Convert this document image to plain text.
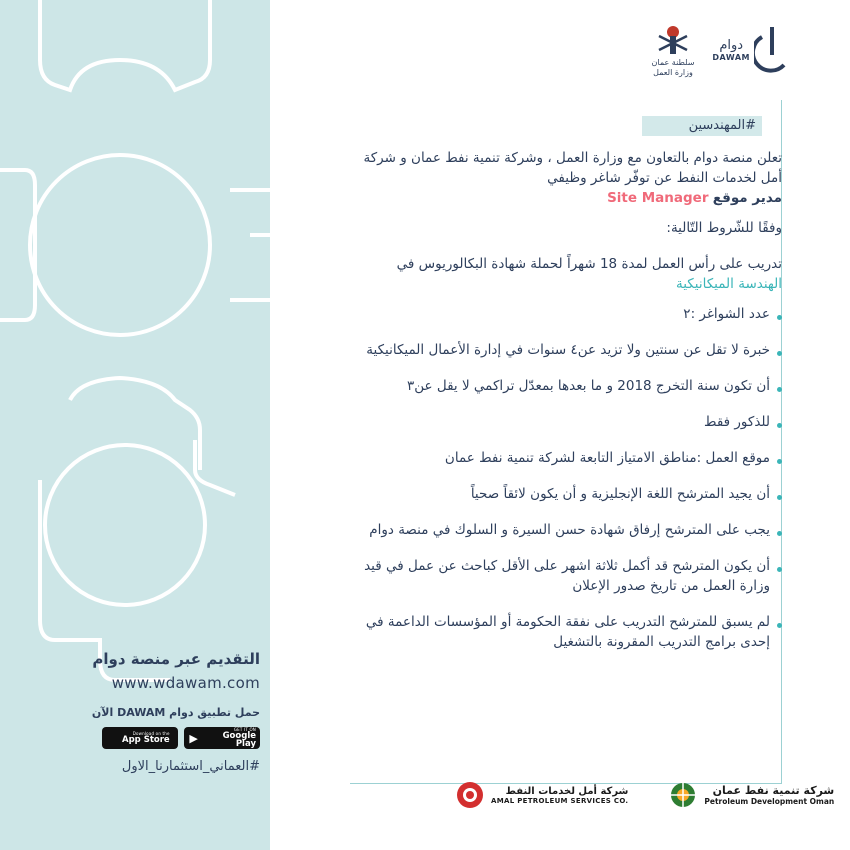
التقديم عبر منصة دوام
www.wdawam.com
حمل تطبيق دوام DAWAM الآن
Download on the
App Store ▶
GET IT ON
Google Play
#العماني_استثمارنا_الاول
سلطنة عمان
وزارة العمل
دوام
DAWAM
#المهندسين
تعلن منصة دوام بالتعاون مع وزارة العمل ، وشركة تنمية نفط عمان و شركة أمل لخدمات النفط عن توفّر شاغر وظيفي
مدير موقع Site Manager
وفقًا للشّروط التّالية:
تدريب على رأس العمل لمدة 18 شهراً لحملة شهادة البكالوريوس في
الهندسة الميكانيكية
عدد الشواغر :٢
خبرة لا تقل عن سنتين ولا تزيد عن٤ سنوات في إدارة الأعمال الميكانيكية
أن تكون سنة التخرج 2018 و ما بعدها بمعدّل تراكمي لا يقل عن٣
للذكور فقط
موقع العمل :مناطق الامتياز التابعة لشركة تنمية نفط عمان
أن يجيد المترشح اللغة الإنجليزية و أن يكون لائقاً صحياً
يجب على المترشح إرفاق شهادة حسن السيرة و السلوك في منصة دوام
أن يكون المترشح قد أكمل ثلاثة اشهر على الأقل كباحث عن عمل في قيد وزارة العمل من تاريخ صدور الإعلان
لم يسبق للمترشح التدريب على نفقة الحكومة أو المؤسسات الداعمة في إحدى برامج التدريب المقرونة بالتشغيل
شركة أمل لخدمات النفط
AMAL PETROLEUM SERVICES CO.
شركة تنمية نفط عمان
Petroleum Development Oman
